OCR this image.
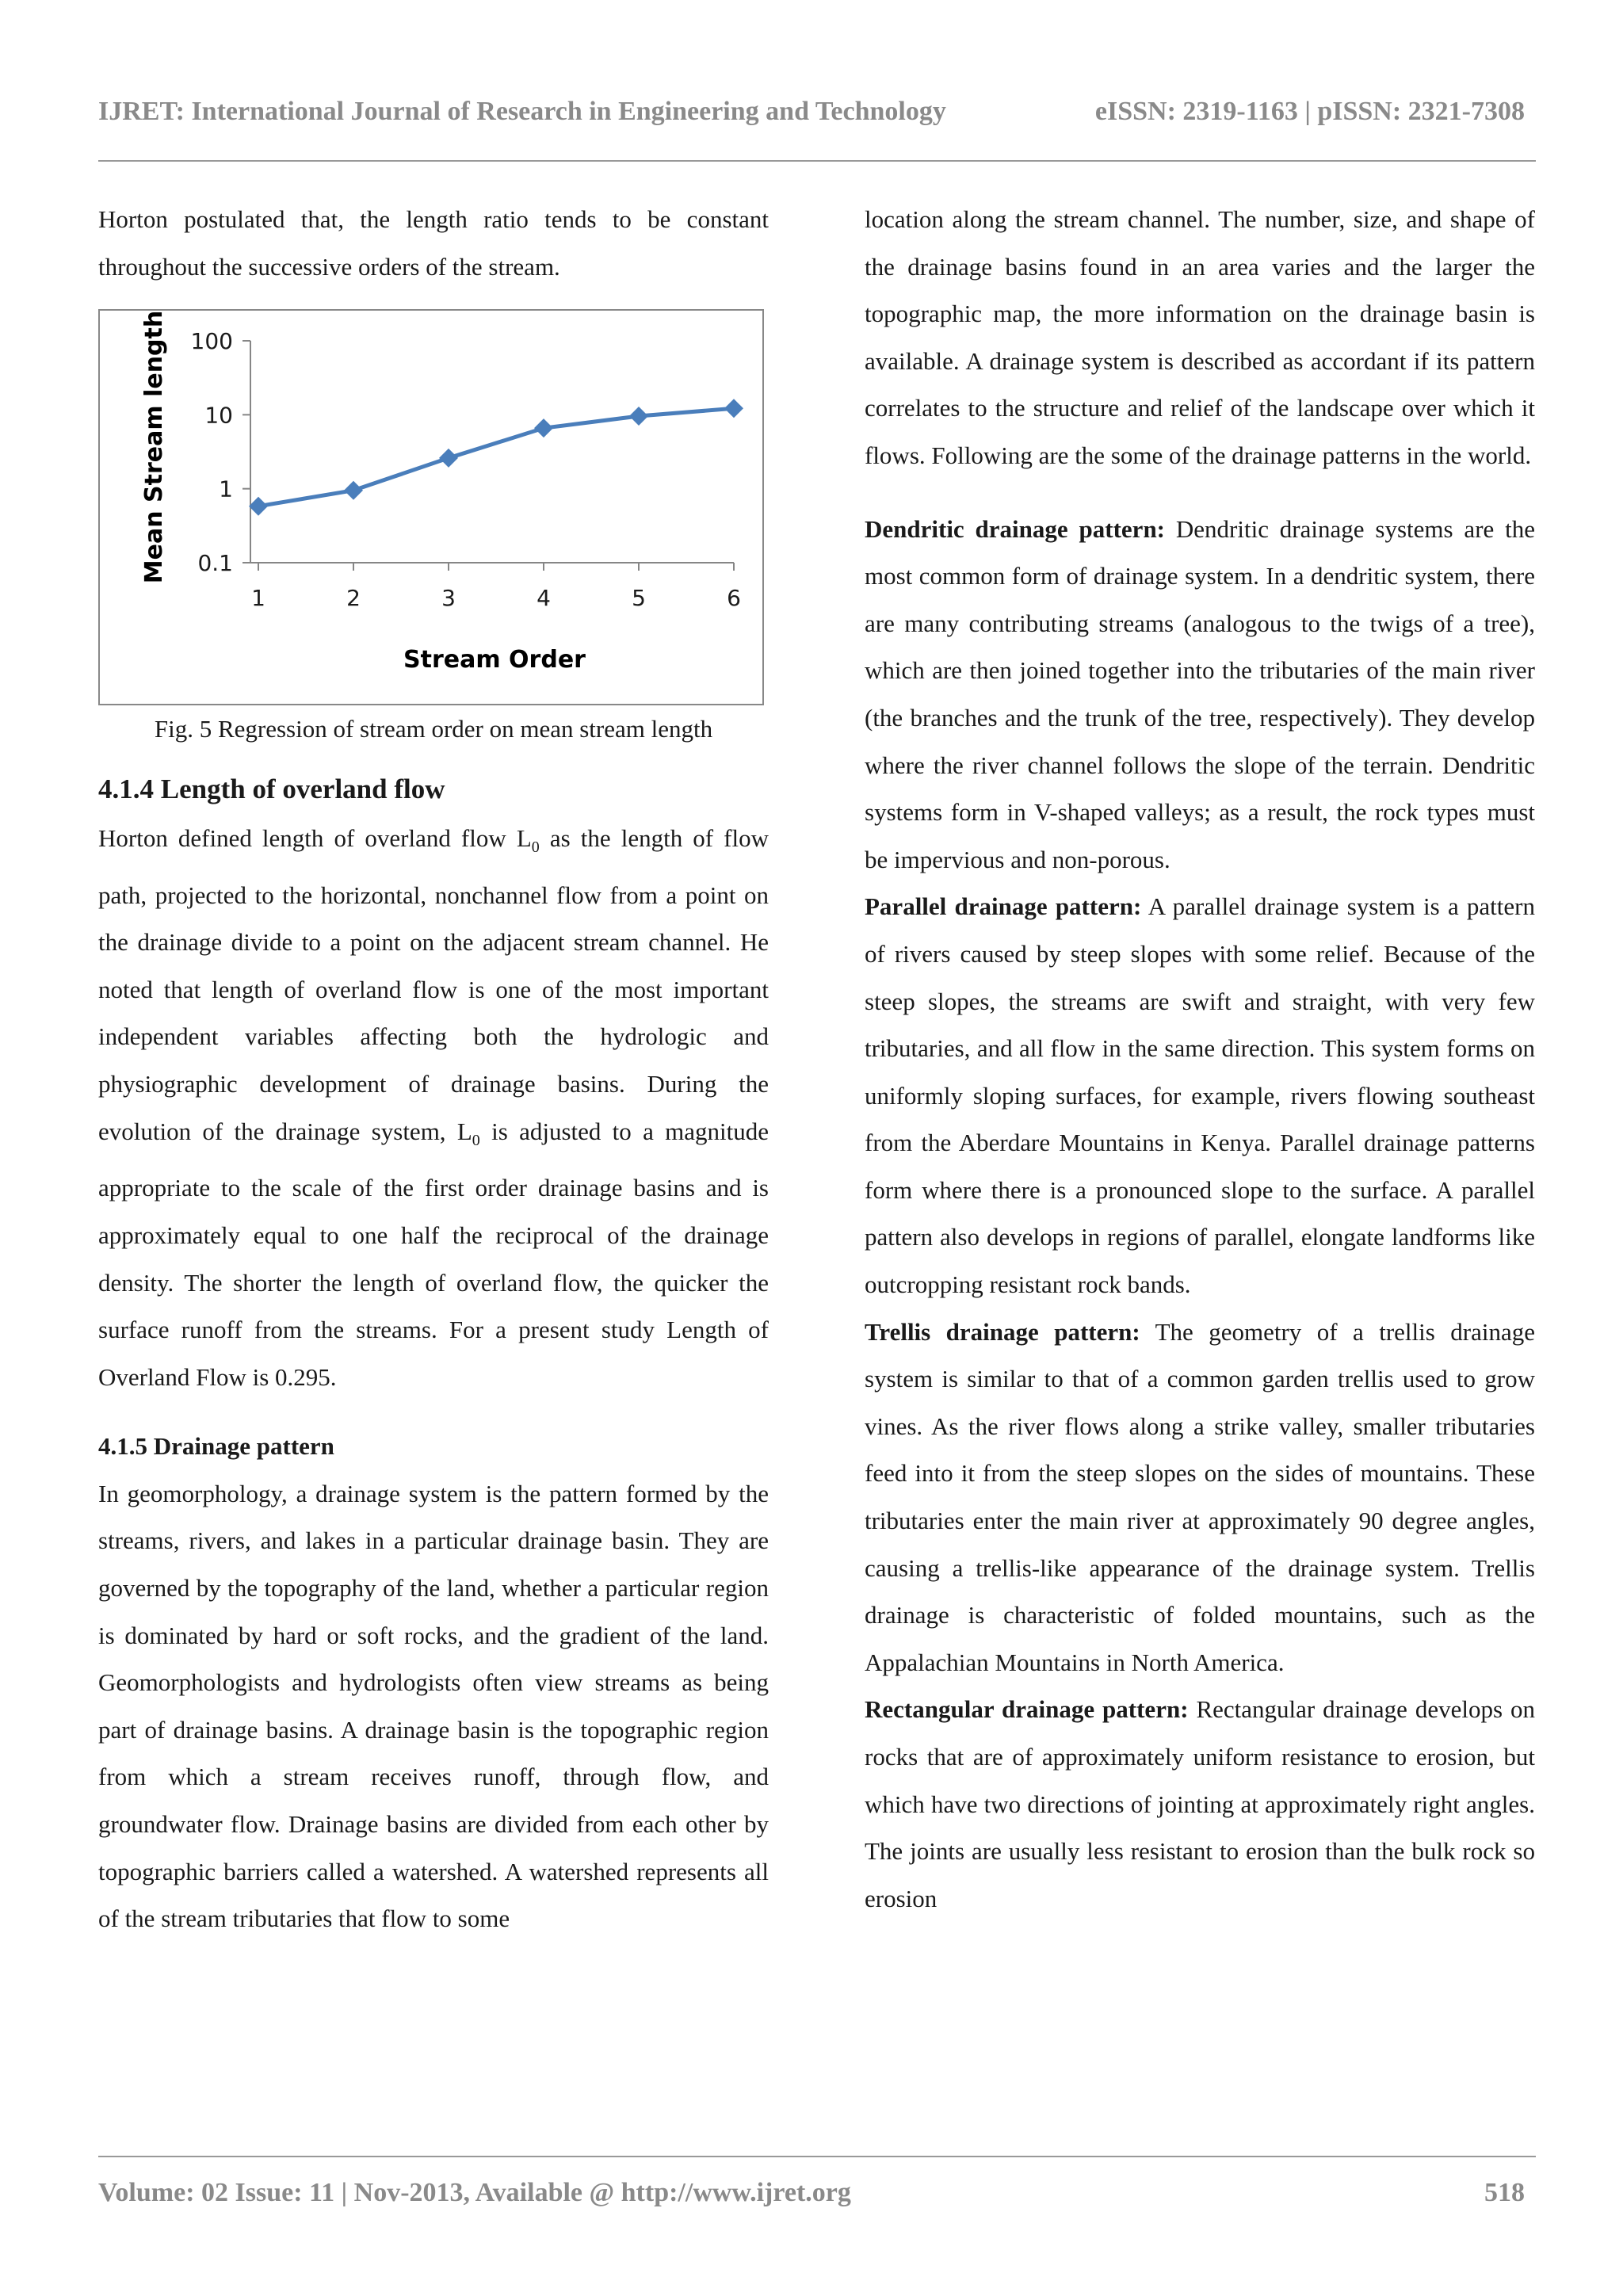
IJRET: International Journal of Research in Engineering and Technology	eISSN: 2319-1163 | pISSN: 2321-7308

Horton postulated that, the length ratio tends to be constant throughout the successive orders of the stream.

0.1
1
10
100
1	2	3	4	5	6
Stream Order
Mean Stream length

Fig. 5 Regression of stream order on mean stream length

4.1.4 Length of overland flow

Horton defined length of overland flow $L_0$ as the length of flow path, projected to the horizontal, nonchannel flow from a point on the drainage divide to a point on the adjacent stream channel. He noted that length of overland flow is one of the most important independent variables affecting both the hydrologic and physiographic development of drainage basins. During the evolution of the drainage system, $L_0$ is adjusted to a magnitude appropriate to the scale of the first order drainage basins and is approximately equal to one half the reciprocal of the drainage density. The shorter the length of overland flow, the quicker the surface runoff from the streams. For a present study Length of Overland Flow is 0.295.

4.1.5 Drainage pattern

In geomorphology, a drainage system is the pattern formed by the streams, rivers, and lakes in a particular drainage basin. They are governed by the topography of the land, whether a particular region is dominated by hard or soft rocks, and the gradient of the land. Geomorphologists and hydrologists often view streams as being part of drainage basins. A drainage basin is the topographic region from which a stream receives runoff, through flow, and groundwater flow. Drainage basins are divided from each other by topographic barriers called a watershed. A watershed represents all of the stream tributaries that flow to some

location along the stream channel. The number, size, and shape of the drainage basins found in an area varies and the larger the topographic map, the more information on the drainage basin is available. A drainage system is described as accordant if its pattern correlates to the structure and relief of the landscape over which it flows. Following are the some of the drainage patterns in the world.

Dendritic drainage pattern: Dendritic drainage systems are the most common form of drainage system. In a dendritic system, there are many contributing streams (analogous to the twigs of a tree), which are then joined together into the tributaries of the main river (the branches and the trunk of the tree, respectively). They develop where the river channel follows the slope of the terrain. Dendritic systems form in V-shaped valleys; as a result, the rock types must be impervious and non-porous.

Parallel drainage pattern: A parallel drainage system is a pattern of rivers caused by steep slopes with some relief. Because of the steep slopes, the streams are swift and straight, with very few tributaries, and all flow in the same direction. This system forms on uniformly sloping surfaces, for example, rivers flowing southeast from the Aberdare Mountains in Kenya. Parallel drainage patterns form where there is a pronounced slope to the surface. A parallel pattern also develops in regions of parallel, elongate landforms like outcropping resistant rock bands.

Trellis drainage pattern: The geometry of a trellis drainage system is similar to that of a common garden trellis used to grow vines. As the river flows along a strike valley, smaller tributaries feed into it from the steep slopes on the sides of mountains. These tributaries enter the main river at approximately 90 degree angles, causing a trellis-like appearance of the drainage system. Trellis drainage is characteristic of folded mountains, such as the Appalachian Mountains in North America.

Rectangular drainage pattern: Rectangular drainage develops on rocks that are of approximately uniform resistance to erosion, but which have two directions of jointing at approximately right angles. The joints are usually less resistant to erosion than the bulk rock so erosion

Volume: 02 Issue: 11 | Nov-2013, Available @ http://www.ijret.org	518
